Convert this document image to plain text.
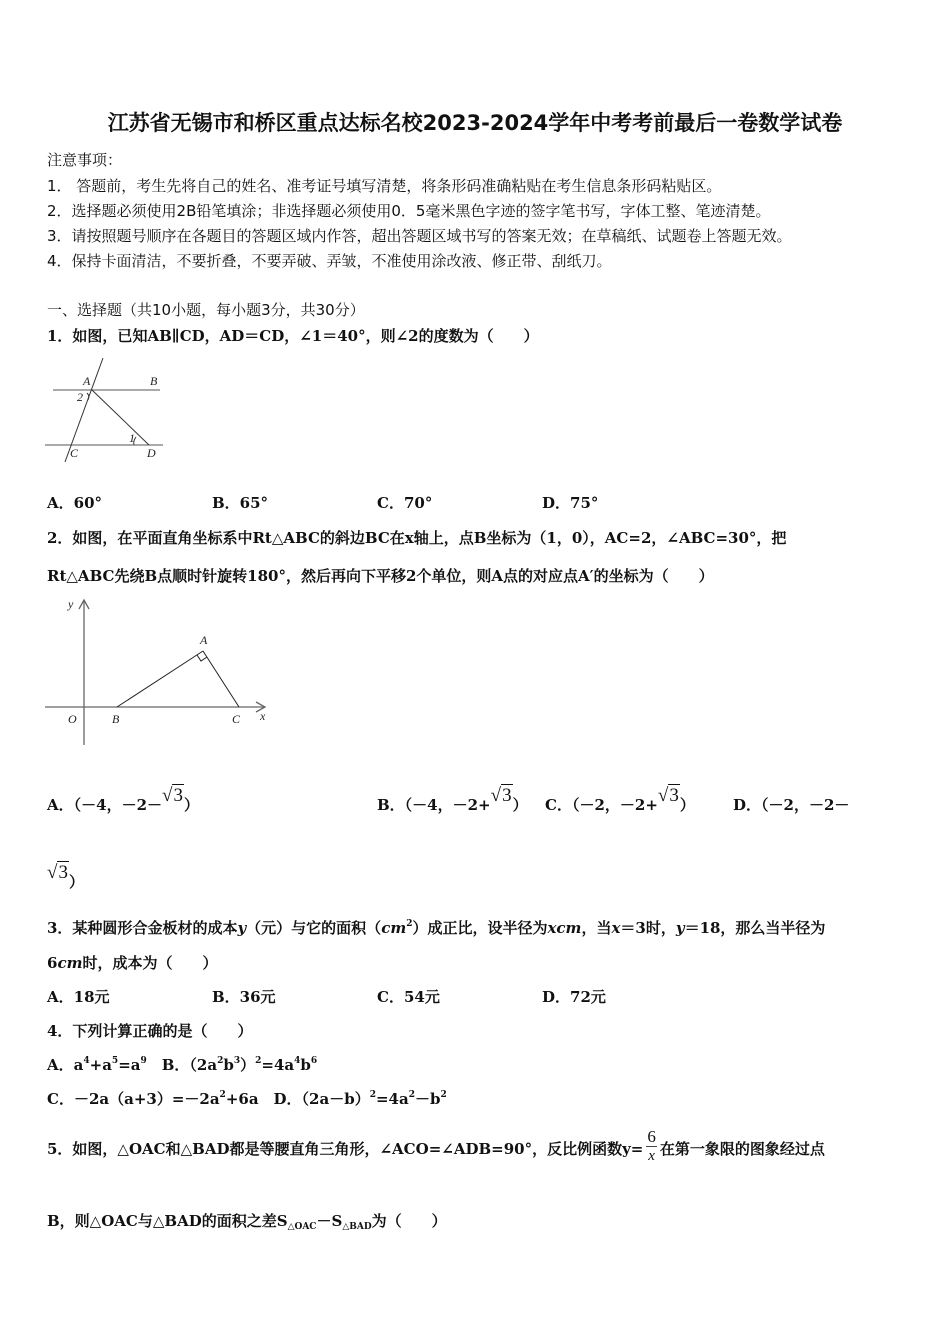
江苏省无锡市和桥区重点达标名校2023-2024学年中考考前最后一卷数学试卷
注意事项：
1． 答题前，考生先将自己的姓名、准考证号填写清楚，将条形码准确粘贴在考生信息条形码粘贴区。
2．选择题必须使用2B铅笔填涂；非选择题必须使用0．5毫米黑色字迹的签字笔书写，字体工整、笔迹清楚。
3．请按照题号顺序在各题目的答题区域内作答，超出答题区域书写的答案无效；在草稿纸、试题卷上答题无效。
4．保持卡面清洁，不要折叠，不要弄破、弄皱，不准使用涂改液、修正带、刮纸刀。
一、选择题（共10小题，每小题3分，共30分）
1．如图，已知AB∥CD，AD＝CD，∠1＝40°，则∠2的度数为（　　）
A	B
2
1
C	D
A．60°	B．65°	C．70°	D．75°
2．如图，在平面直角坐标系中Rt△ABC的斜边BC在x轴上，点B坐标为（1，0），AC=2，∠ABC=30°，把
Rt△ABC先绕B点顺时针旋转180°，然后再向下平移2个单位，则A点的对应点A′的坐标为（　　）
y
x
O	B
A
C
A．（－4，－2－√3）	B．（－4，－2+√3）	C．（－2，－2+√3）	D．（－2，－2－
√3）
3．某种圆形合金板材的成本y（元）与它的面积$(cm^2)$成正比，设半径为xcm，当x＝3时，y＝18，那么当半径为
6cm时，成本为（　　）
A．18元	B．36元	C．54元	D．72元
4．下列计算正确的是（　　）
A．$a^4+a^5=a^9$　B．$(2a^2b^3)^2=4a^4b^6$
C．$-2a(a+3)=-2a^2+6a$　D．$(2a-b)^2=4a^2-b^2$
5．如图，△OAC和△BAD都是等腰直角三角形，∠ACO=∠ADB=90°，反比例函数$y= \frac{6}{x}$ 在第一象限的图象经过点
B，则△OAC与△BAD的面积之差$S_{\triangle OAC}-S_{\triangle BAD}$为（　　）
